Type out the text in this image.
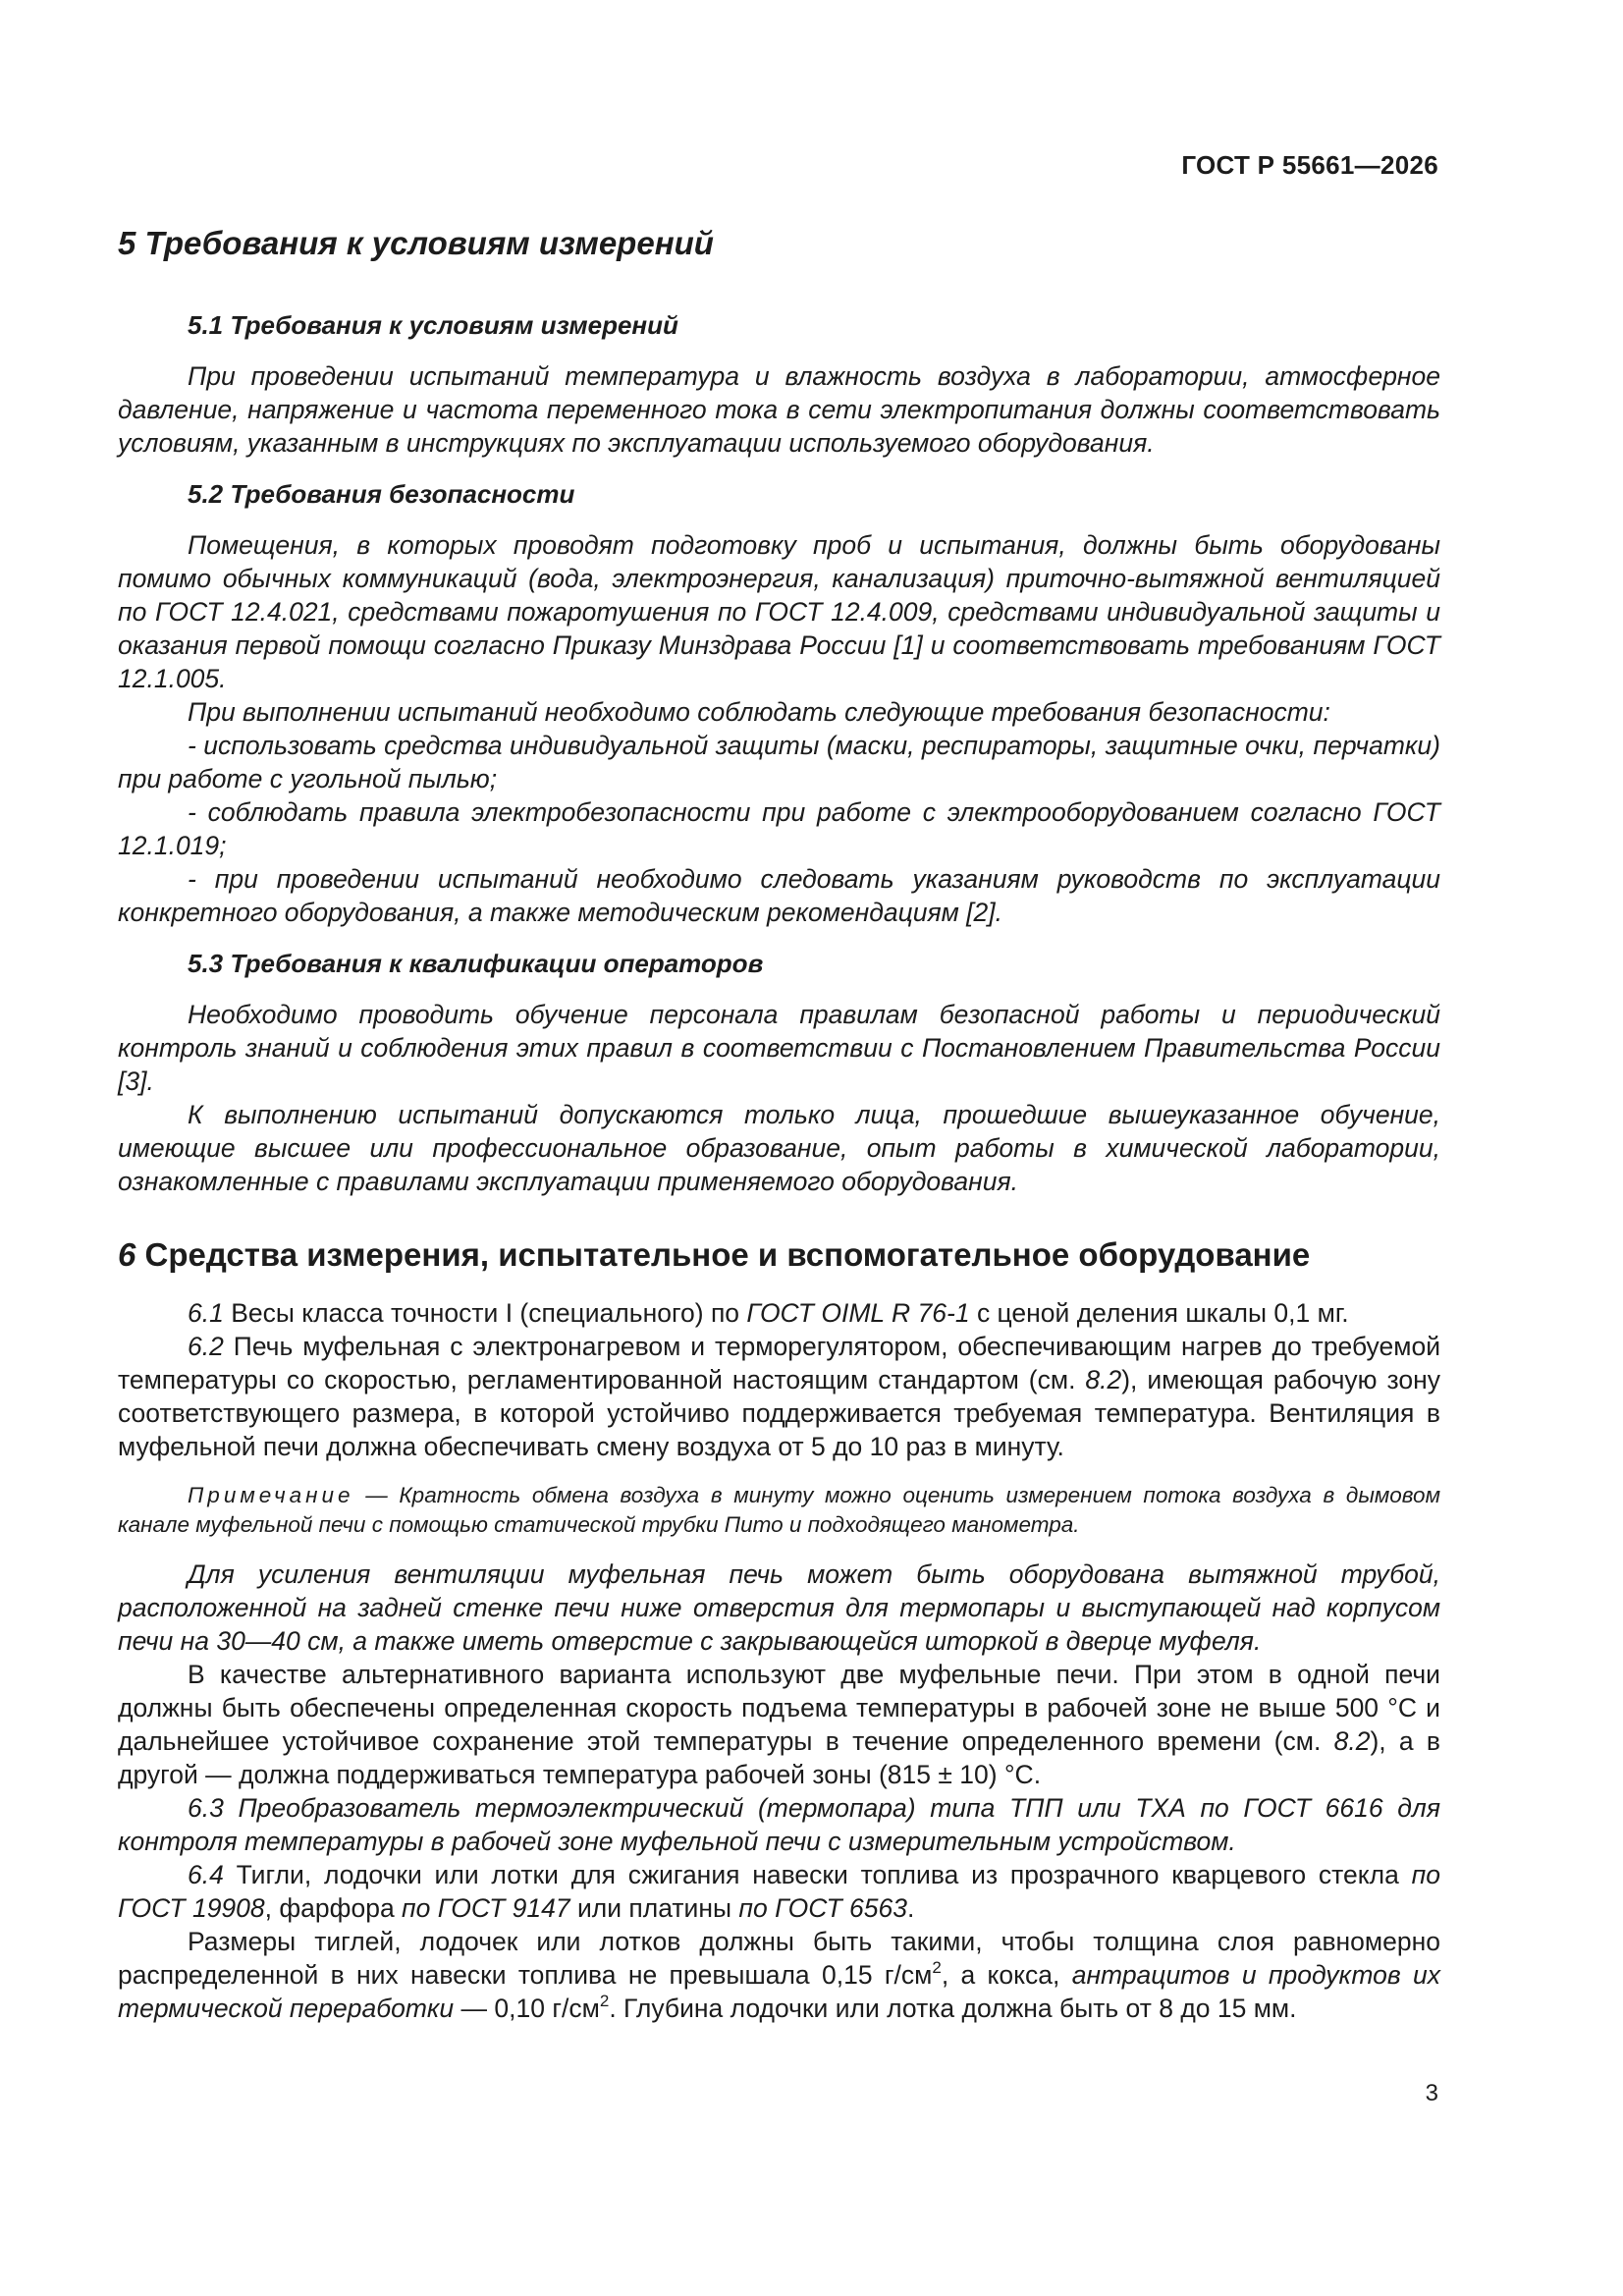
ГОСТ Р 55661—2026
5 Требования к условиям измерений
5.1 Требования к условиям измерений

При проведении испытаний температура и влажность воздуха в лаборатории, атмосферное давление, напряжение и частота переменного тока в сети электропитания должны соответствовать условиям, указанным в инструкциях по эксплуатации используемого оборудования.

5.2 Требования безопасности

Помещения, в которых проводят подготовку проб и испытания, должны быть оборудованы помимо обычных коммуникаций (вода, электроэнергия, канализация) приточно-вытяжной вентиляцией по ГОСТ 12.4.021, средствами пожаротушения по ГОСТ 12.4.009, средствами индивидуальной защиты и оказания первой помощи согласно Приказу Минздрава России [1] и соответствовать требованиям ГОСТ 12.1.005.

При выполнении испытаний необходимо соблюдать следующие требования безопасности:

- использовать средства индивидуальной защиты (маски, респираторы, защитные очки, перчатки) при работе с угольной пылью;

- соблюдать правила электробезопасности при работе с электрооборудованием согласно ГОСТ 12.1.019;

- при проведении испытаний необходимо следовать указаниям руководств по эксплуатации конкретного оборудования, а также методическим рекомендациям [2].

5.3 Требования к квалификации операторов

Необходимо проводить обучение персонала правилам безопасной работы и периодический контроль знаний и соблюдения этих правил в соответствии с Постановлением Правительства России [3].

К выполнению испытаний допускаются только лица, прошедшие вышеуказанное обучение, имеющие высшее или профессиональное образование, опыт работы в химической лаборатории, ознакомленные с правилами эксплуатации применяемого оборудования.

6 Средства измерения, испытательное и вспомогательное оборудование

6.1 Весы класса точности I (специального) по ГОСТ OIML R 76-1 с ценой деления шкалы 0,1 мг.

6.2 Печь муфельная с электронагревом и терморегулятором, обеспечивающим нагрев до требуемой температуры со скоростью, регламентированной настоящим стандартом (см. 8.2), имеющая рабочую зону соответствующего размера, в которой устойчиво поддерживается требуемая температура. Вентиляция в муфельной печи должна обеспечивать смену воздуха от 5 до 10 раз в минуту.

Примечание — Кратность обмена воздуха в минуту можно оценить измерением потока воздуха в дымовом канале муфельной печи с помощью статической трубки Пито и подходящего манометра.

Для усиления вентиляции муфельная печь может быть оборудована вытяжной трубой, расположенной на задней стенке печи ниже отверстия для термопары и выступающей над корпусом печи на 30—40 см, а также иметь отверстие с закрывающейся шторкой в дверце муфеля.

В качестве альтернативного варианта используют две муфельные печи. При этом в одной печи должны быть обеспечены определенная скорость подъема температуры в рабочей зоне не выше 500 °С и дальнейшее устойчивое сохранение этой температуры в течение определенного времени (см. 8.2), а в другой — должна поддерживаться температура рабочей зоны (815 ± 10) °С.

6.3 Преобразователь термоэлектрический (термопара) типа ТПП или ТХА по ГОСТ 6616 для контроля температуры в рабочей зоне муфельной печи с измерительным устройством.

6.4 Тигли, лодочки или лотки для сжигания навески топлива из прозрачного кварцевого стекла по ГОСТ 19908, фарфора по ГОСТ 9147 или платины по ГОСТ 6563.

Размеры тиглей, лодочек или лотков должны быть такими, чтобы толщина слоя равномерно распределенной в них навески топлива не превышала 0,15 $г/см^2$, а кокса, антрацитов и продуктов их термической переработки — 0,10 $г/см^2$. Глубина лодочки или лотка должна быть от 8 до 15 мм.

3
